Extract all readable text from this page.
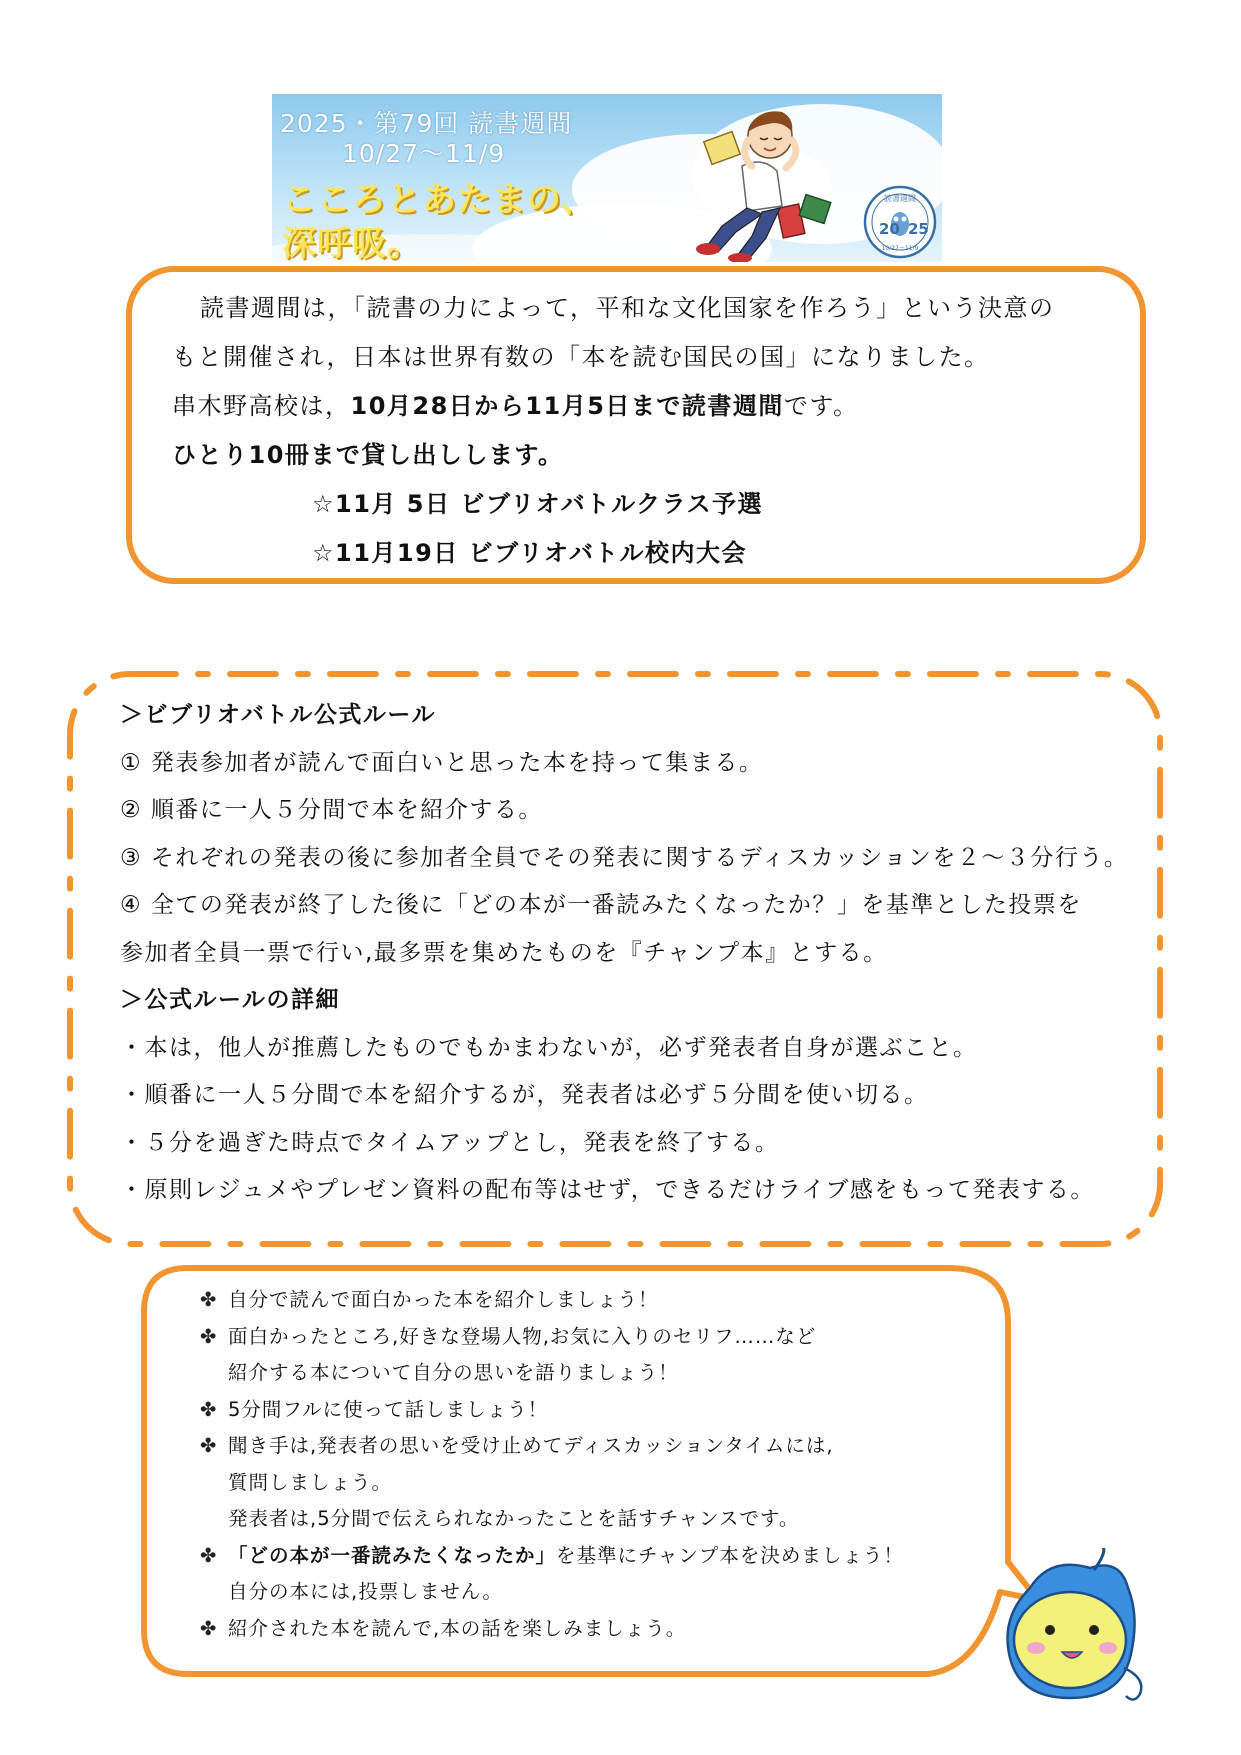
2025・第79回 読書週間
10/27～11/9
こころとあたまの、
深呼吸。
読書週間
20 25
10/27～11/9

読書週間は，「読書の力によって，平和な文化国家を作ろう」という決意の

もと開催され，日本は世界有数の「本を読む国民の国」になりました。

串木野高校は，10月28日から11月5日まで読書週間です。

ひとり10冊まで貸し出しします。

☆11月 5日 ビブリオバトルクラス予選

☆11月19日 ビブリオバトル校内大会

＞ビブリオバトル公式ルール

① 発表参加者が読んで面白いと思った本を持って集まる。

② 順番に一人５分間で本を紹介する。

③ それぞれの発表の後に参加者全員でその発表に関するディスカッションを２～３分行う。

④ 全ての発表が終了した後に「どの本が一番読みたくなったか？」を基準とした投票を

参加者全員一票で行い,最多票を集めたものを『チャンプ本』とする。

＞公式ルールの詳細

・本は，他人が推薦したものでもかまわないが，必ず発表者自身が選ぶこと。

・順番に一人５分間で本を紹介するが，発表者は必ず５分間を使い切る。

・５分を過ぎた時点でタイムアップとし，発表を終了する。

・原則レジュメやプレゼン資料の配布等はせず，できるだけライブ感をもって発表する。

✤ 自分で読んで面白かった本を紹介しましょう！
✤ 面白かったところ,好きな登場人物,お気に入りのセリフ……など
紹介する本について自分の思いを語りましょう！
✤ 5分間フルに使って話しましょう！
✤ 聞き手は,発表者の思いを受け止めてディスカッションタイムには,
質問しましょう。
発表者は,5分間で伝えられなかったことを話すチャンスです。
✤ 「どの本が一番読みたくなったか」を基準にチャンプ本を決めましょう！
自分の本には,投票しません。
✤ 紹介された本を読んで,本の話を楽しみましょう。
